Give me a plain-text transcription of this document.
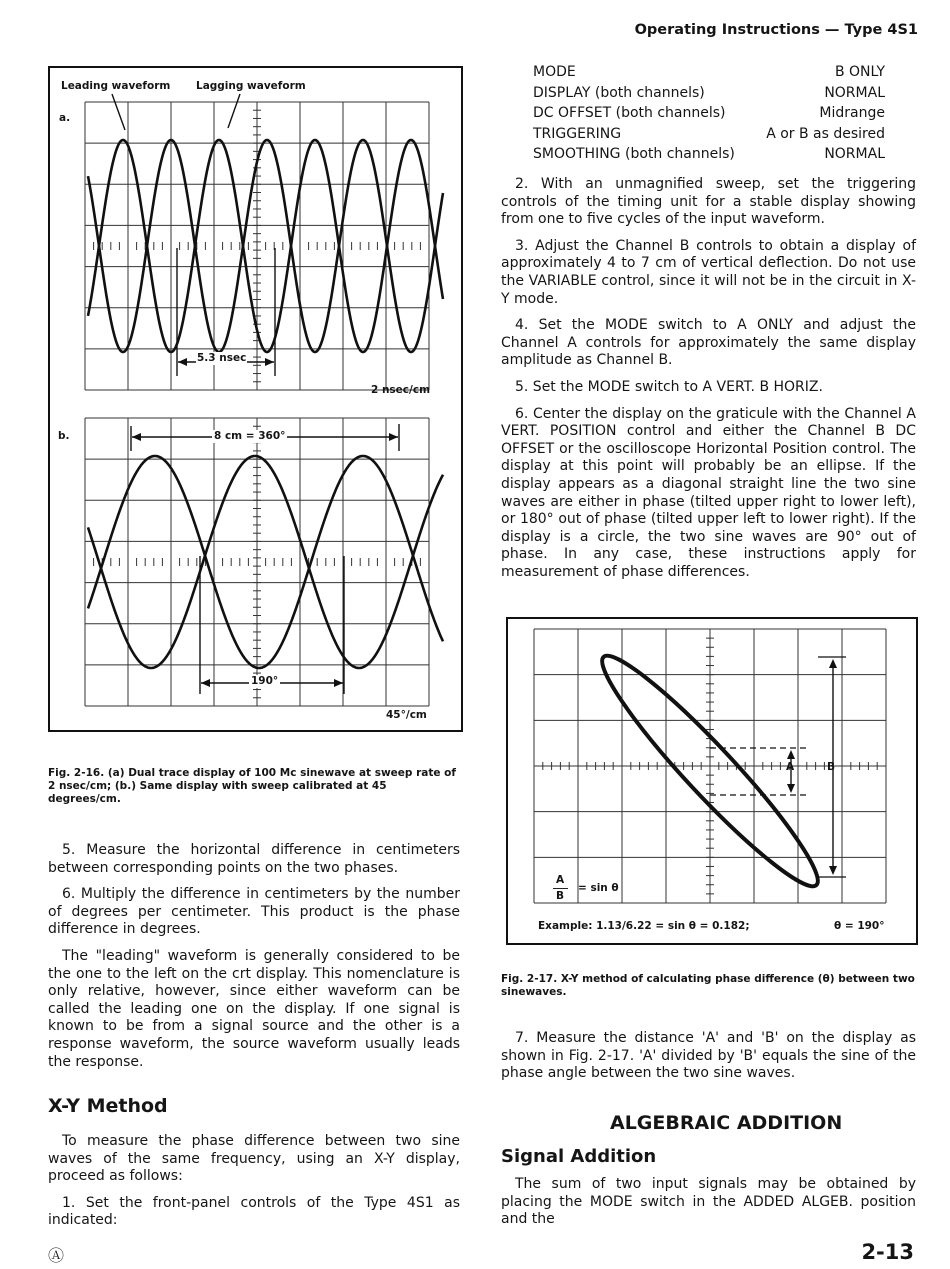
Operating Instructions — Type 4S1
Leading waveform Lagging waveform
a.
b.
5.3 nsec
2 nsec/cm
8 cm = 360°
190°
45°/cm
Fig. 2-16. (a) Dual trace display of 100 Mc sinewave at sweep rate of 2 nsec/cm; (b.) Same display with sweep calibrated at 45 degrees/cm.

5. Measure the horizontal difference in centimeters between corresponding points on the two phases.

6. Multiply the difference in centimeters by the number of degrees per centimeter. This product is the phase difference in degrees.

The "leading" waveform is generally considered to be the one to the left on the crt display. This nomenclature is only relative, however, since either waveform can be called the leading one on the display. If one signal is known to be from a signal source and the other is a response waveform, the source waveform usually leads the response.

X-Y Method

To measure the phase difference between two sine waves of the same frequency, using an X-Y display, proceed as follows:

1. Set the front-panel controls of the Type 4S1 as indicated:

MODE	B ONLY
DISPLAY (both channels)	NORMAL
DC OFFSET (both channels)	Midrange
TRIGGERING	A or B as desired
SMOOTHING (both channels)	NORMAL

2. With an unmagnified sweep, set the triggering controls of the timing unit for a stable display showing from one to five cycles of the input waveform.

3. Adjust the Channel B controls to obtain a display of approximately 4 to 7 cm of vertical deflection. Do not use the VARIABLE control, since it will not be in the circuit in X-Y mode.

4. Set the MODE switch to A ONLY and adjust the Channel A controls for approximately the same display amplitude as Channel B.

5. Set the MODE switch to A VERT. B HORIZ.

6. Center the display on the graticule with the Channel A VERT. POSITION control and either the Channel B DC OFFSET or the oscilloscope Horizontal Position control. The display at this point will probably be an ellipse. If the display appears as a diagonal straight line the two sine waves are either in phase (tilted upper right to lower left), or 180° out of phase (tilted upper left to lower right). If the display is a circle, the two sine waves are 90° out of phase. In any case, these instructions apply for measurement of phase differences.

A	B
A
B
= sin θ
Example: 1.13/6.22 = sin θ = 0.182;	θ = 190°
Fig. 2-17. X-Y method of calculating phase difference (θ) between two sinewaves.

7. Measure the distance 'A' and 'B' on the display as shown in Fig. 2-17. 'A' divided by 'B' equals the sine of the phase angle between the two sine waves.

ALGEBRAIC ADDITION
Signal Addition

The sum of two input signals may be obtained by placing the MODE switch in the ADDED ALGEB. position and the

Ⓐ	2-13
